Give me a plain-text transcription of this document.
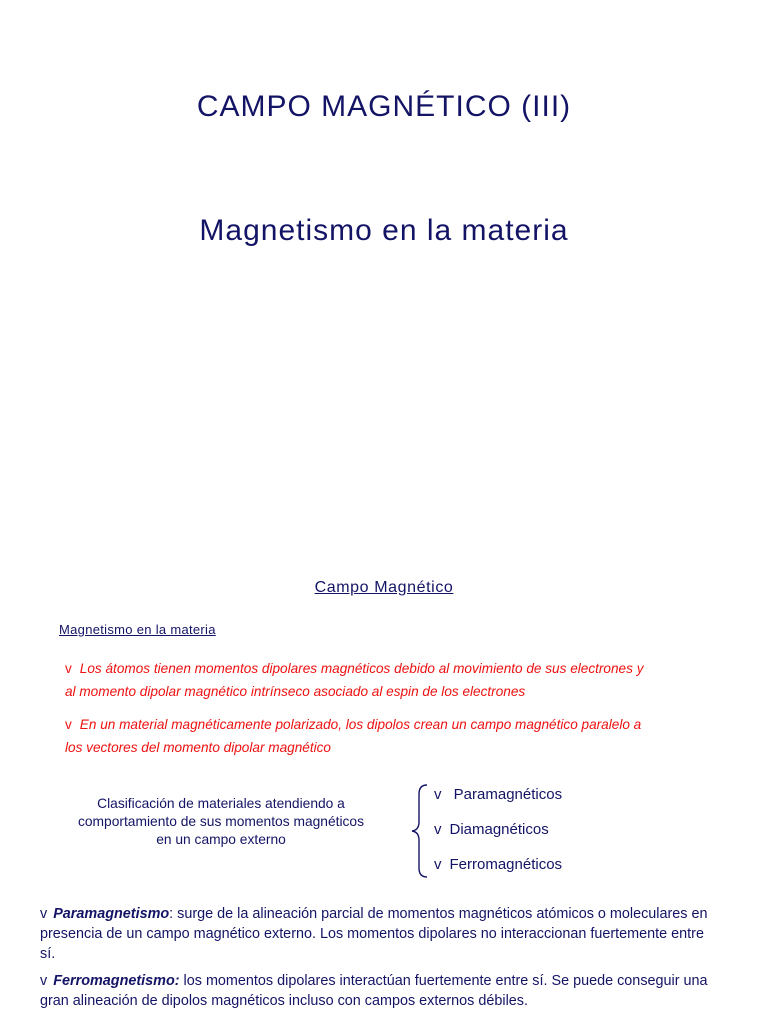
CAMPO MAGNÉTICO (III)
Magnetismo en la materia
Campo Magnético
Magnetismo en la materia
v Los átomos tienen momentos dipolares magnéticos debido al movimiento de sus electrones y
al momento dipolar magnético intrínseco asociado al espin de los electrones
v En un material magnéticamente polarizado, los dipolos crean un campo magnético paralelo a
los vectores del momento dipolar magnético
Clasificación de materiales atendiendo a
comportamiento de sus momentos magnéticos
en un campo externo
v Paramagnéticos
v Diamagnéticos
v Ferromagnéticos
v Paramagnetismo: surge de la alineación parcial de momentos magnéticos atómicos o moleculares en
presencia de un campo magnético externo. Los momentos dipolares no interaccionan fuertemente entre
sí.
v Ferromagnetismo: los momentos dipolares interactúan fuertemente entre sí. Se puede conseguir una
gran alineación de dipolos magnéticos incluso con campos externos débiles.
